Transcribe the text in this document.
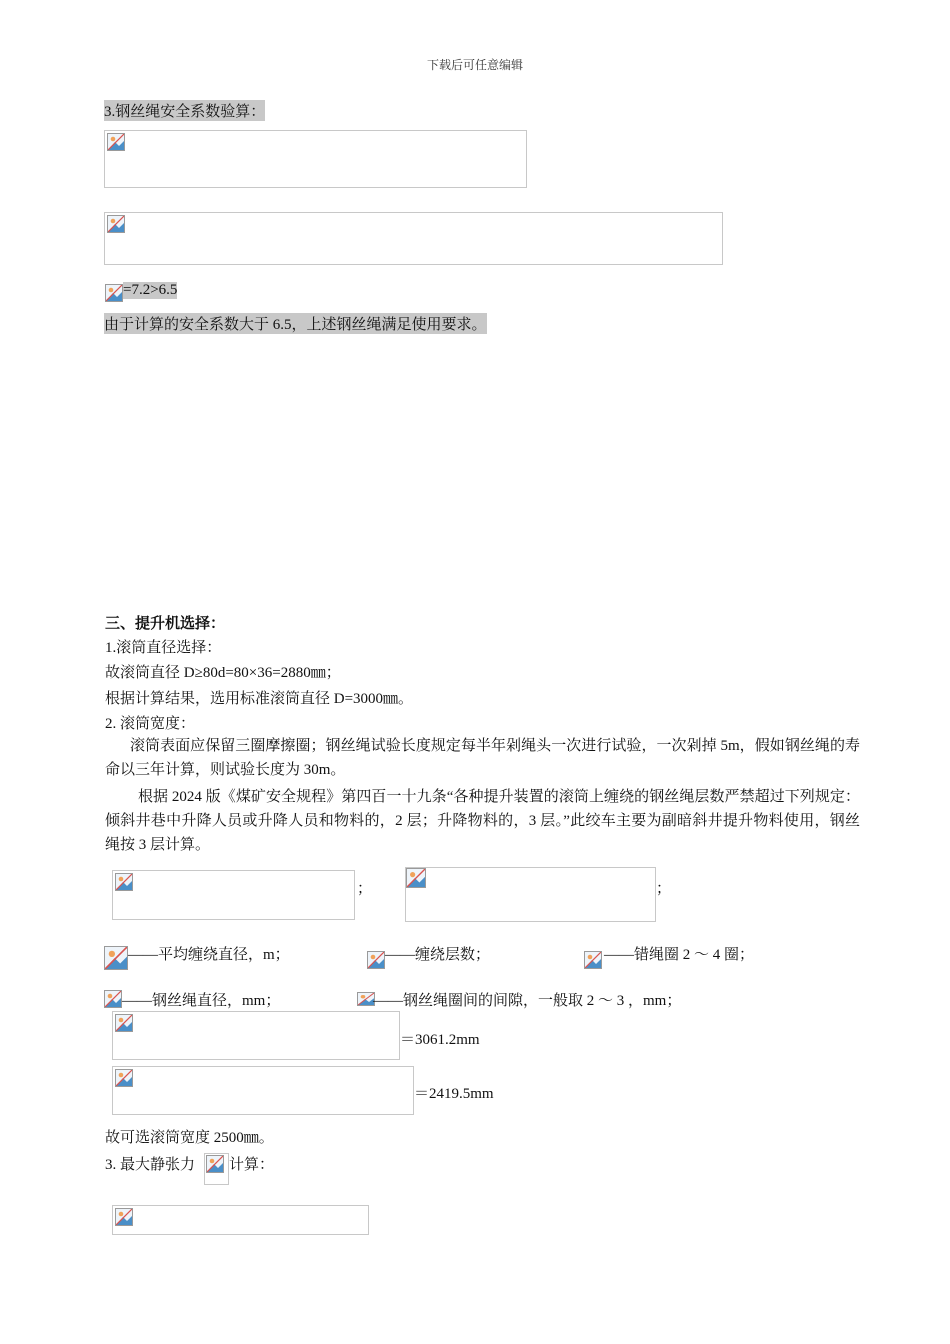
下载后可任意编辑
3.钢丝绳安全系数验算：
=7.2>6.5
由于计算的安全系数大于 6.5，上述钢丝绳满足使用要求。
三、提升机选择：
1.滚筒直径选择：
故滚筒直径 D≥80d=80×36=2880㎜；
根据计算结果，选用标准滚筒直径 D=3000㎜。
2. 滚筒宽度：
滚筒表面应保留三圈摩擦圈；钢丝绳试验长度规定每半年剁绳头一次进行试验，一次剁掉 5m，假如钢丝绳的寿命以三年计算，则试验长度为 30m。
根据 2024 版《煤矿安全规程》第四百一十九条“各种提升装置的滚筒上缠绕的钢丝绳层数严禁超过下列规定：倾斜井巷中升降人员或升降人员和物料的，2 层；升降物料的，3 层。”此绞车主要为副暗斜井提升物料使用，钢丝绳按 3 层计算。
；	；
——平均缠绕直径，m；	——缠绕层数；	——错绳圈 2 ～ 4 圈；
——钢丝绳直径，mm；	——钢丝绳圈间的间隙，一般取 2 ～ 3 ，mm；
＝3061.2mm
＝2419.5mm
故可选滚筒宽度 2500㎜。
3. 最大静张力 计算：
